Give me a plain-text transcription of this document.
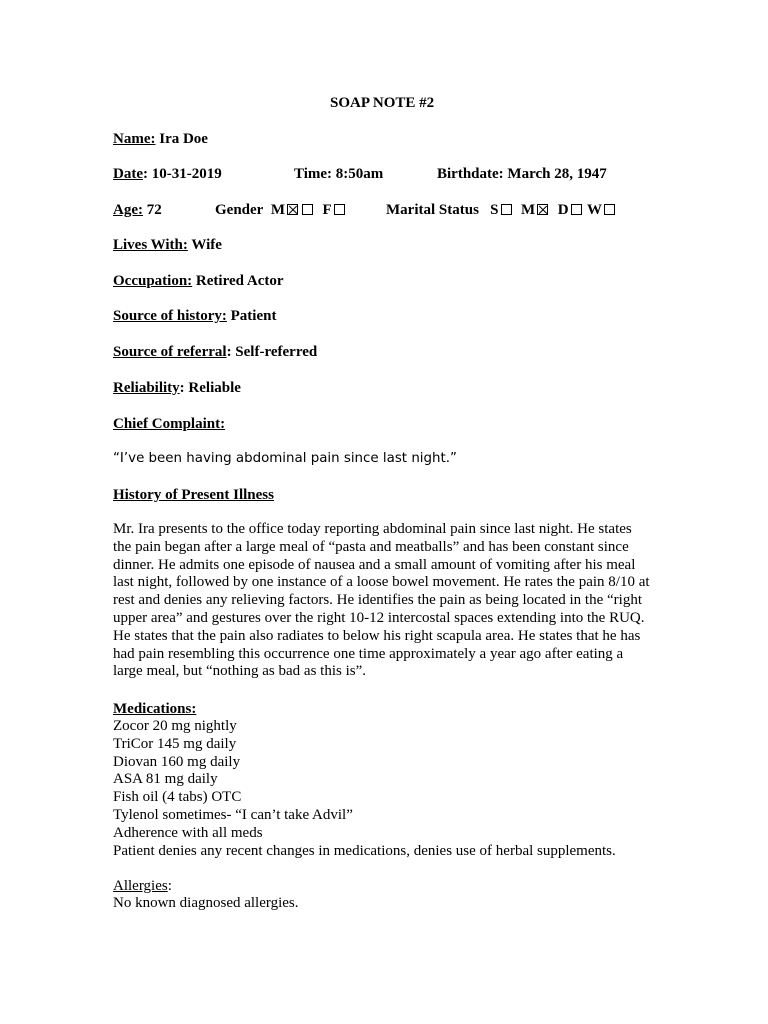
SOAP NOTE #2
Name: Ira Doe
Date: 10-31-2019	Time: 8:50am	Birthdate: March 28, 1947
Age: 72	Gender M	F	Marital Status S M D W
Lives With: Wife
Occupation: Retired Actor
Source of history: Patient
Source of referral: Self-referred
Reliability: Reliable
Chief Complaint:
“I’ve been having abdominal pain since last night.”
History of Present Illness

Mr. Ira presents to the office today reporting abdominal pain since last night. He states

the pain began after a large meal of “pasta and meatballs” and has been constant since

dinner. He admits one episode of nausea and a small amount of vomiting after his meal

last night, followed by one instance of a loose bowel movement. He rates the pain 8/10 at

rest and denies any relieving factors. He identifies the pain as being located in the “right

upper area” and gestures over the right 10-12 intercostal spaces extending into the RUQ.

He states that the pain also radiates to below his right scapula area. He states that he has

had pain resembling this occurrence one time approximately a year ago after eating a

large meal, but “nothing as bad as this is”.

Medications:
Zocor 20 mg nightly
TriCor 145 mg daily
Diovan 160 mg daily
ASA 81 mg daily
Fish oil (4 tabs) OTC
Tylenol sometimes- “I can’t take Advil”
Adherence with all meds
Patient denies any recent changes in medications, denies use of herbal supplements.
Allergies:
No known diagnosed allergies.
